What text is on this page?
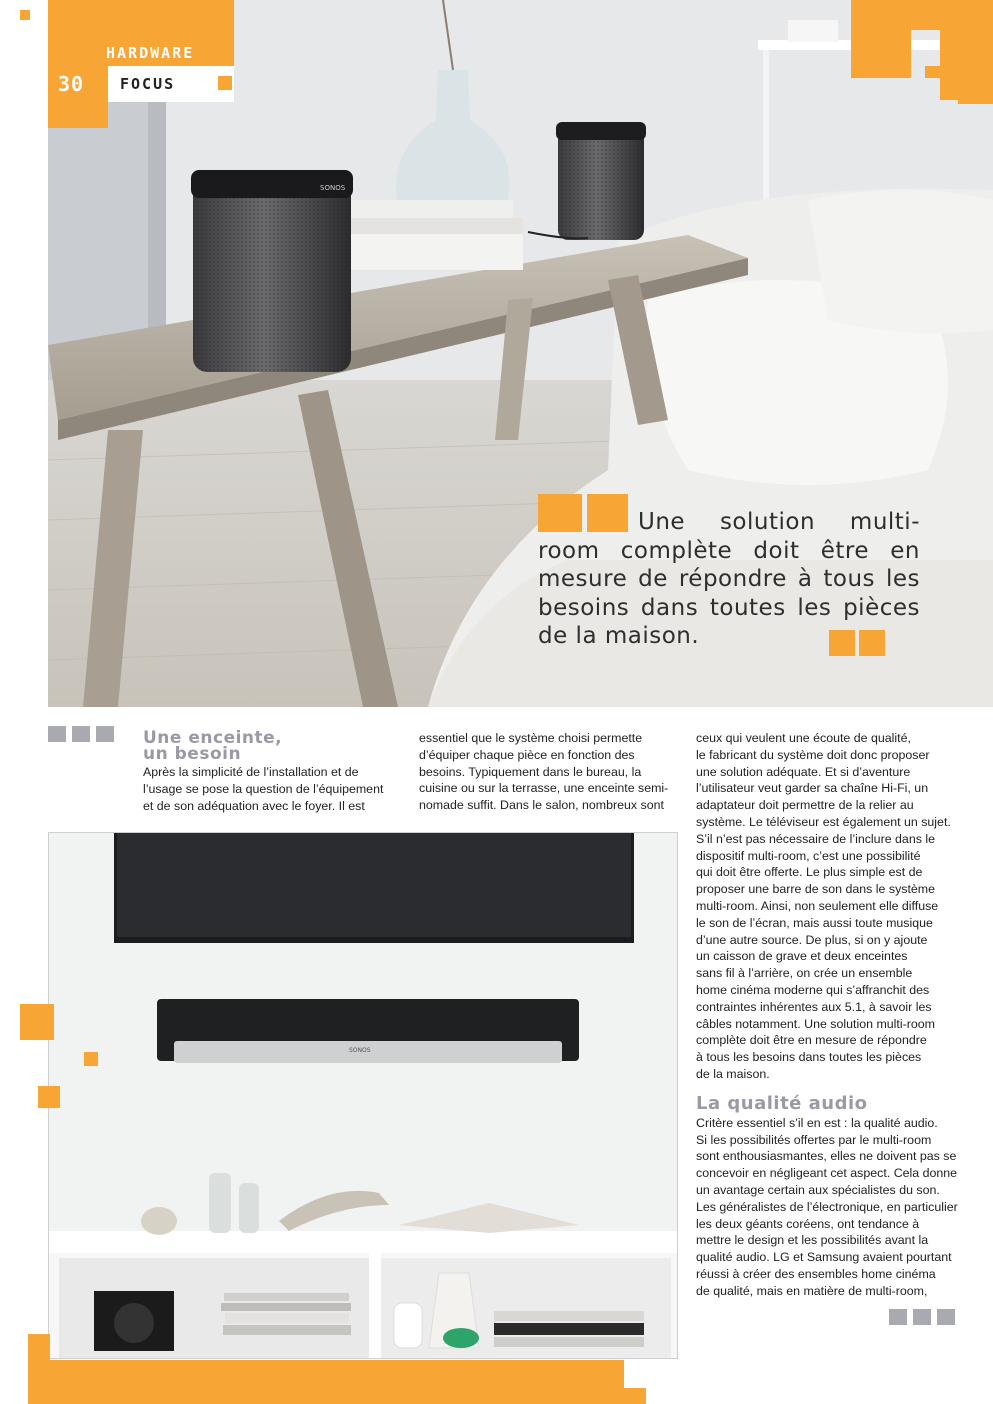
SONOS
30
HARDWARE
FOCUS
Une solution multi-room complète doit être en mesure de répondre à tous les besoins dans toutes les pièces de la maison.
Une enceinte,
un besoin

Après la simplicité de l’installation et de

l’usage se pose la question de l’équipement

et de son adéquation avec le foyer. Il est

essentiel que le système choisi permette

d’équiper chaque pièce en fonction des

besoins. Typiquement dans le bureau, la

cuisine ou sur la terrasse, une enceinte semi-

nomade suffit. Dans le salon, nombreux sont

ceux qui veulent une écoute de qualité,

le fabricant du système doit donc proposer

une solution adéquate. Et si d’aventure

l’utilisateur veut garder sa chaîne Hi-Fi, un

adaptateur doit permettre de la relier au

système. Le téléviseur est également un sujet.

S’il n’est pas nécessaire de l’inclure dans le

dispositif multi-room, c’est une possibilité

qui doit être offerte. Le plus simple est de

proposer une barre de son dans le système

multi-room. Ainsi, non seulement elle diffuse

le son de l’écran, mais aussi toute musique

d’une autre source. De plus, si on y ajoute

un caisson de grave et deux enceintes

sans fil à l’arrière, on crée un ensemble

home cinéma moderne qui s’affranchit des

contraintes inhérentes aux 5.1, à savoir les

câbles notamment. Une solution multi-room

complète doit être en mesure de répondre

à tous les besoins dans toutes les pièces

de la maison.

La qualité audio

Critère essentiel s’il en est : la qualité audio.

Si les possibilités offertes par le multi-room

sont enthousiasmantes, elles ne doivent pas se

concevoir en négligeant cet aspect. Cela donne

un avantage certain aux spécialistes du son.

Les généralistes de l’électronique, en particulier

les deux géants coréens, ont tendance à

mettre le design et les possibilités avant la

qualité audio. LG et Samsung avaient pourtant

réussi à créer des ensembles home cinéma

de qualité, mais en matière de multi-room,

SONOS
